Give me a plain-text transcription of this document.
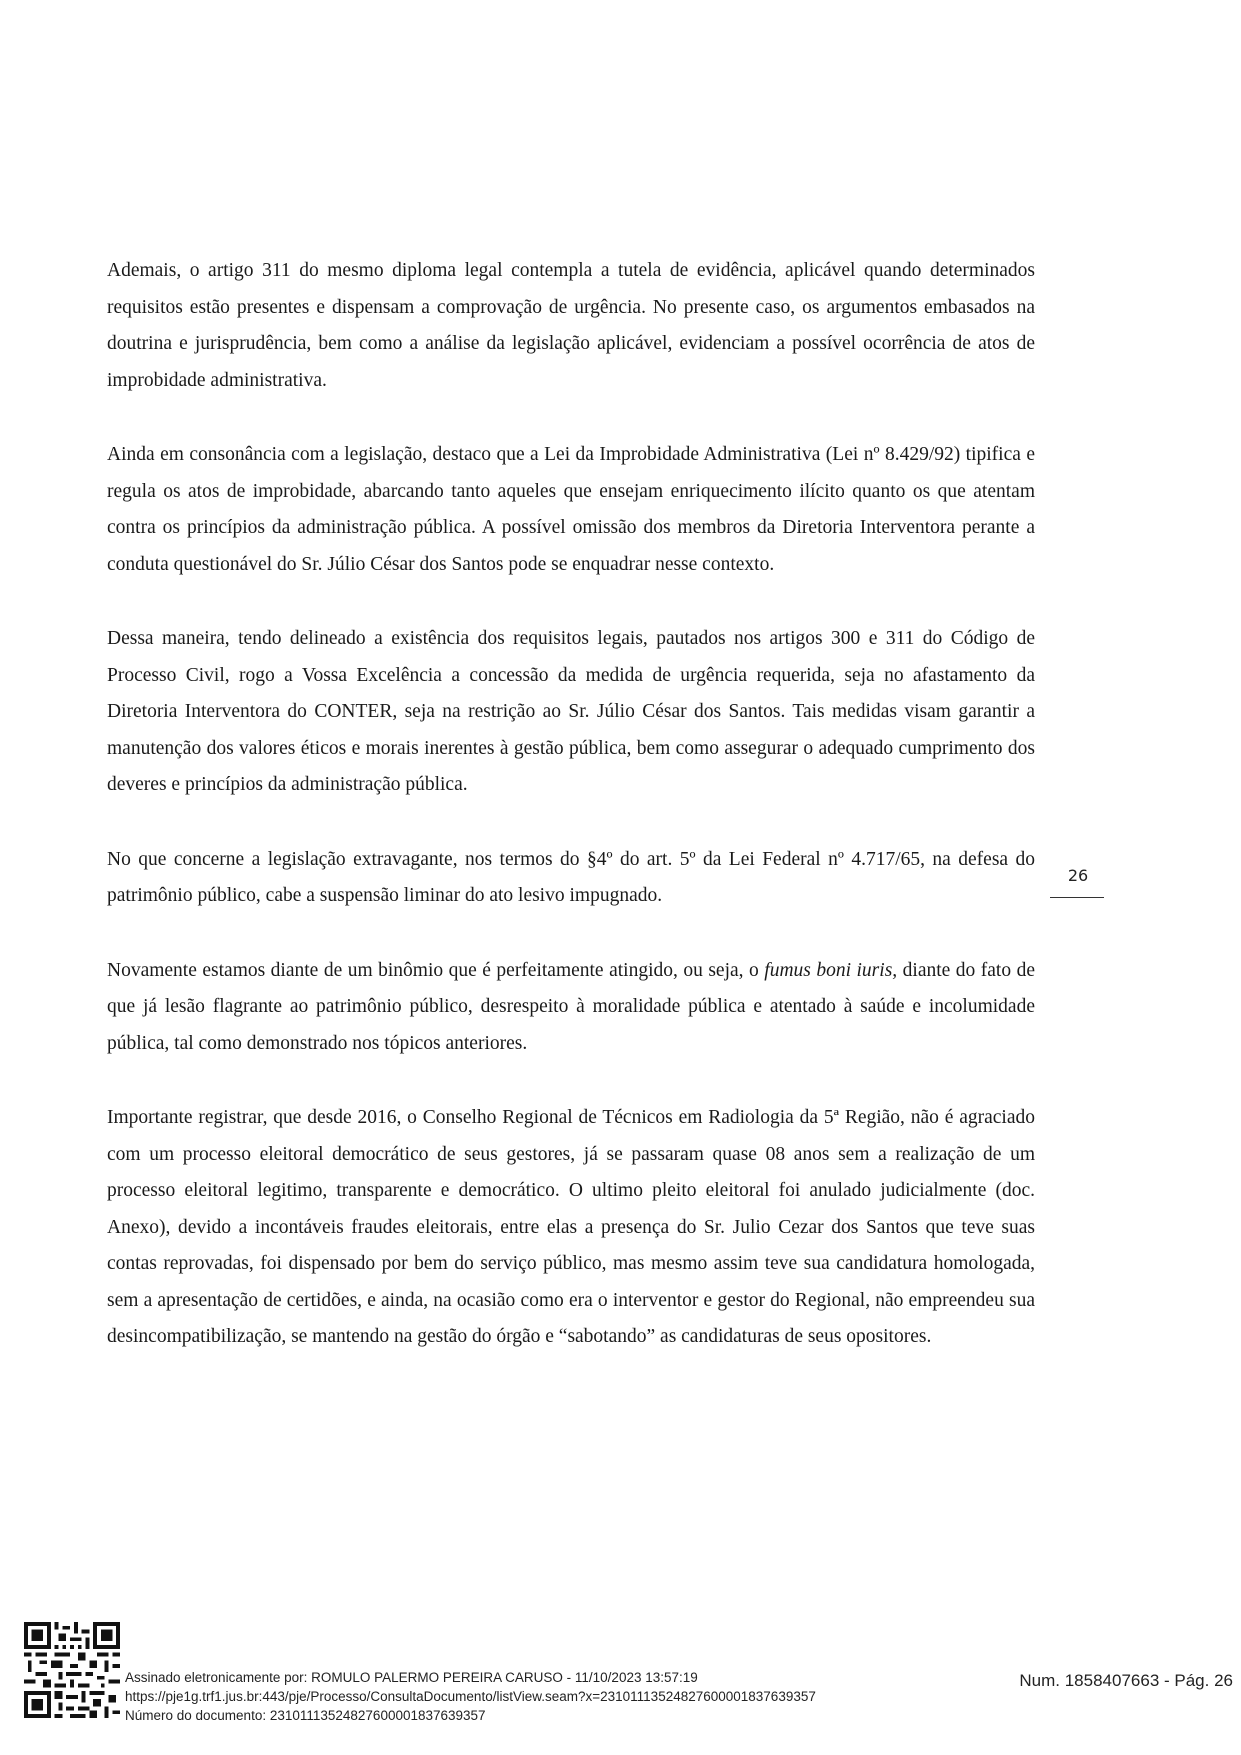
Ademais, o artigo 311 do mesmo diploma legal contempla a tutela de evidência, aplicável quando determinados requisitos estão presentes e dispensam a comprovação de urgência. No presente caso, os argumentos embasados na doutrina e jurisprudência, bem como a análise da legislação aplicável, evidenciam a possível ocorrência de atos de improbidade administrativa.

Ainda em consonância com a legislação, destaco que a Lei da Improbidade Administrativa (Lei nº 8.429/92) tipifica e regula os atos de improbidade, abarcando tanto aqueles que ensejam enriquecimento ilícito quanto os que atentam contra os princípios da administração pública. A possível omissão dos membros da Diretoria Interventora perante a conduta questionável do Sr. Júlio César dos Santos pode se enquadrar nesse contexto.

Dessa maneira, tendo delineado a existência dos requisitos legais, pautados nos artigos 300 e 311 do Código de Processo Civil, rogo a Vossa Excelência a concessão da medida de urgência requerida, seja no afastamento da Diretoria Interventora do CONTER, seja na restrição ao Sr. Júlio César dos Santos. Tais medidas visam garantir a manutenção dos valores éticos e morais inerentes à gestão pública, bem como assegurar o adequado cumprimento dos deveres e princípios da administração pública.

No que concerne a legislação extravagante, nos termos do §4º do art. 5º da Lei Federal nº 4.717/65, na defesa do patrimônio público, cabe a suspensão liminar do ato lesivo impugnado.

Novamente estamos diante de um binômio que é perfeitamente atingido, ou seja, o fumus boni iuris, diante do fato de que já lesão flagrante ao patrimônio público, desrespeito à moralidade pública e atentado à saúde e incolumidade pública, tal como demonstrado nos tópicos anteriores.

Importante registrar, que desde 2016, o Conselho Regional de Técnicos em Radiologia da 5ª Região, não é agraciado com um processo eleitoral democrático de seus gestores, já se passaram quase 08 anos sem a realização de um processo eleitoral legitimo, transparente e democrático. O ultimo pleito eleitoral foi anulado judicialmente (doc. Anexo), devido a incontáveis fraudes eleitorais, entre elas a presença do Sr. Julio Cezar dos Santos que teve suas contas reprovadas, foi dispensado por bem do serviço público, mas mesmo assim teve sua candidatura homologada, sem a apresentação de certidões, e ainda, na ocasião como era o interventor e gestor do Regional, não empreendeu sua desincompatibilização, se mantendo na gestão do órgão e “sabotando” as candidaturas de seus opositores.

26
Assinado eletronicamente por: ROMULO PALERMO PEREIRA CARUSO - 11/10/2023 13:57:19
https://pje1g.trf1.jus.br:443/pje/Processo/ConsultaDocumento/listView.seam?x=23101113524827600001837639357
Número do documento: 23101113524827600001837639357
Num. 1858407663 - Pág. 26
